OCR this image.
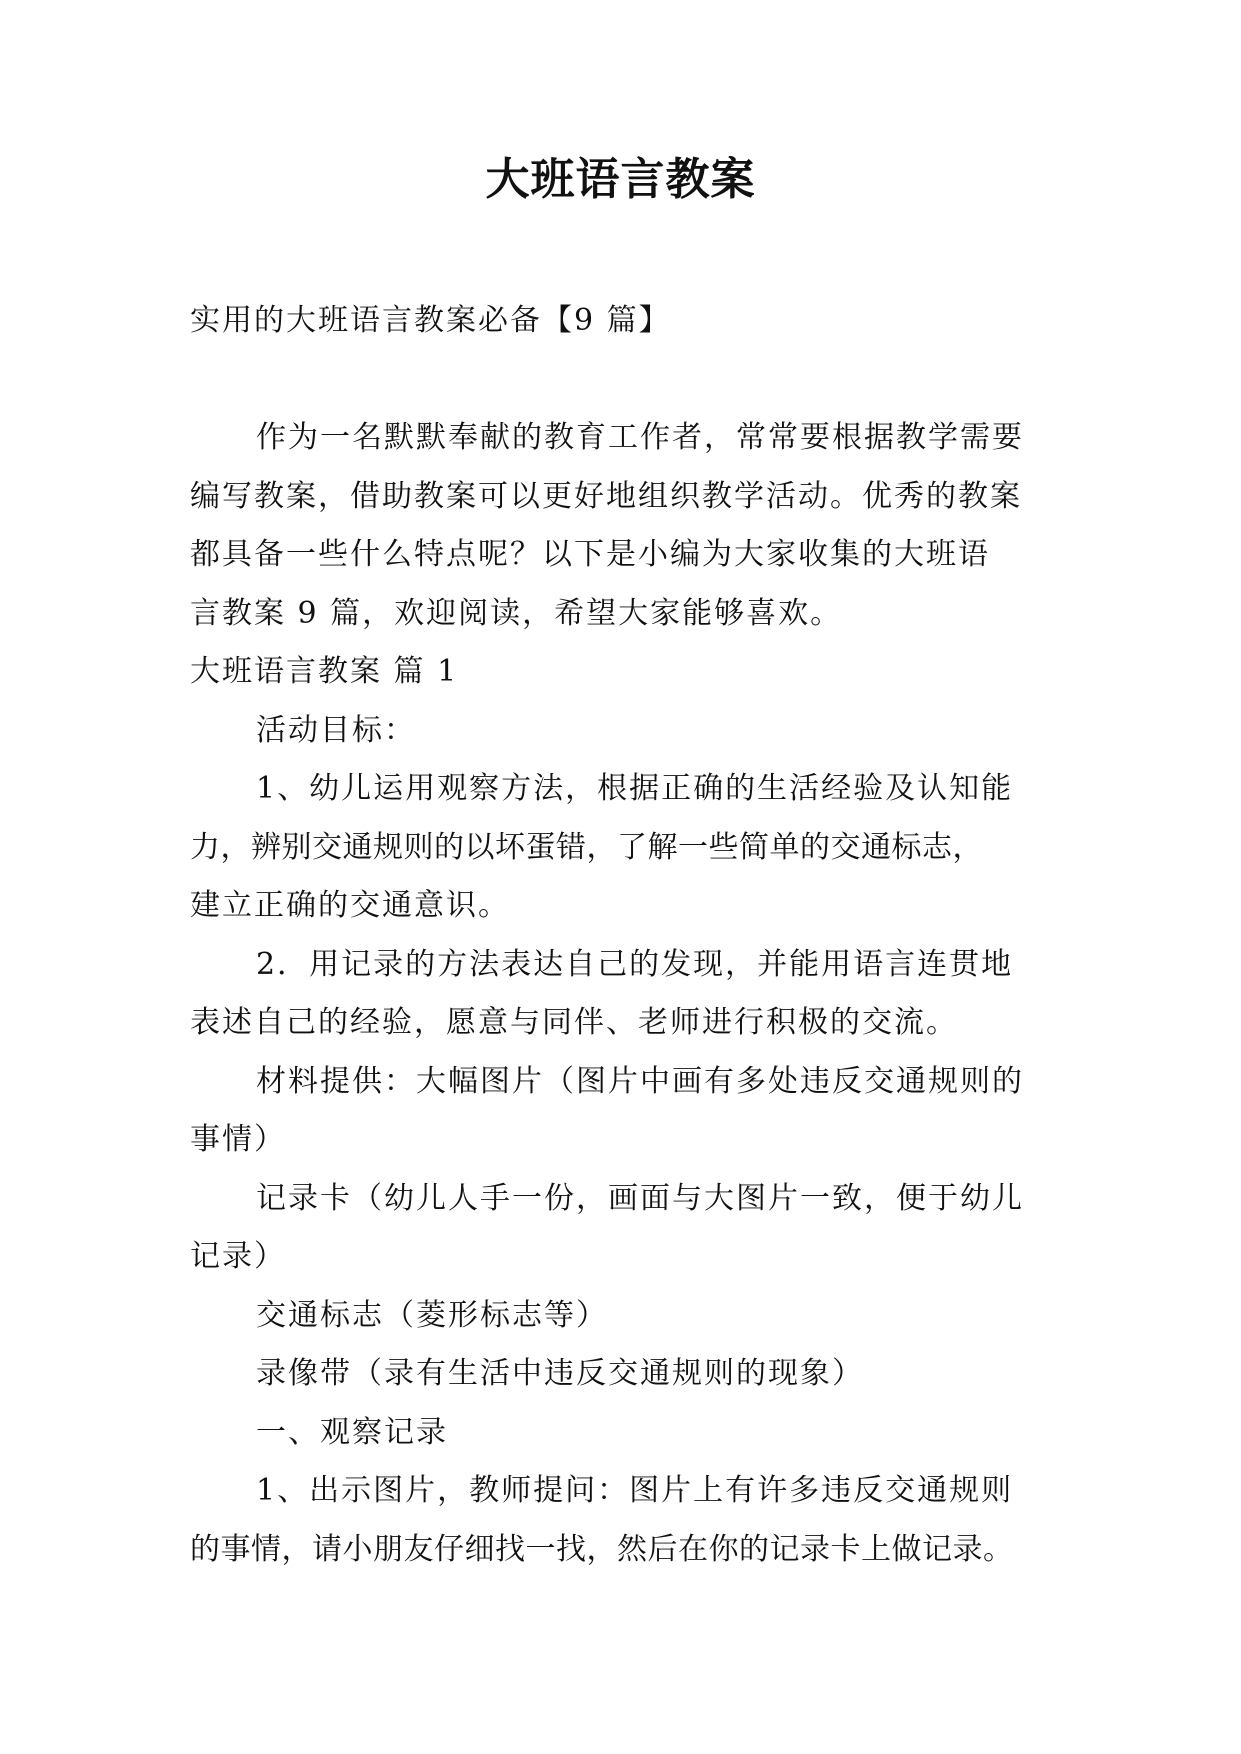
大班语言教案
实用的大班语言教案必备【9 篇】
作为一名默默奉献的教育工作者，常常要根据教学需要
编写教案，借助教案可以更好地组织教学活动。优秀的教案
都具备一些什么特点呢？以下是小编为大家收集的大班语
言教案 9 篇，欢迎阅读，希望大家能够喜欢。
大班语言教案 篇 1
活动目标：
1、幼儿运用观察方法，根据正确的生活经验及认知能
力，辨别交通规则的以坏蛋错，了解一些简单的交通标志，
建立正确的交通意识。
2．用记录的方法表达自己的发现，并能用语言连贯地
表述自己的经验，愿意与同伴、老师进行积极的交流。
材料提供：大幅图片（图片中画有多处违反交通规则的
事情）
记录卡（幼儿人手一份，画面与大图片一致，便于幼儿
记录）
交通标志（菱形标志等）
录像带（录有生活中违反交通规则的现象）
一、观察记录
1、出示图片，教师提问：图片上有许多违反交通规则
的事情，请小朋友仔细找一找，然后在你的记录卡上做记录。
